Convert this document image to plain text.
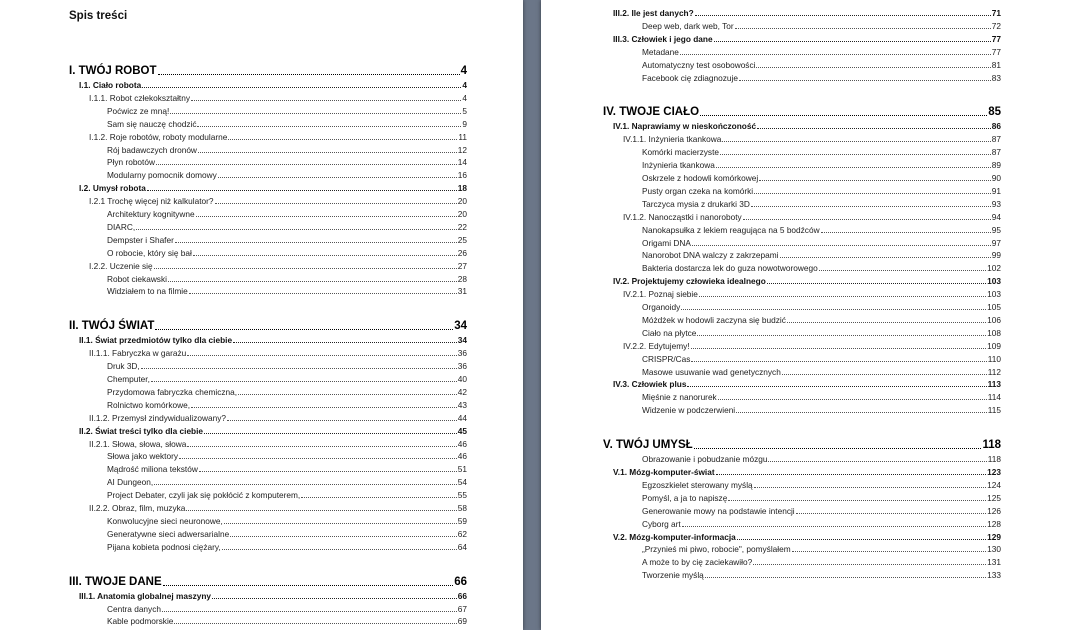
Spis treści
I. TWÓJ ROBOT	4
I.1. Ciało robota	4
I.1.1. Robot człekokształtny	4
Poćwicz ze mną!	5
Sam się nauczę chodzić	9
I.1.2. Roje robotów, roboty modularne	11
Rój badawczych dronów	12
Płyn robotów	14
Modularny pomocnik domowy	16
I.2. Umysł robota	18
I.2.1 Trochę więcej niż kalkulator?	20
Architektury kognitywne	20
DIARC,	22
Dempster i Shafer	25
O robocie, który się bał	26
I.2.2. Uczenie się	27
Robot ciekawski	28
Widziałem to na filmie	31
II. TWÓJ ŚWIAT	34
II.1. Świat przedmiotów tylko dla ciebie	34
II.1.1. Fabryczka w garażu	36
Druk 3D,	36
Chemputer,	40
Przydomowa fabryczka chemiczna,	42
Rolnictwo komórkowe,	43
II.1.2. Przemysł zindywidualizowany?	44
II.2. Świat treści tylko dla ciebie	45
II.2.1. Słowa, słowa, słowa	46
Słowa jako wektory	46
Mądrość miliona tekstów	51
AI Dungeon,	54
Project Debater, czyli jak się pokłócić z komputerem,	55
II.2.2. Obraz, film, muzyka	58
Konwolucyjne sieci neuronowe,	59
Generatywne sieci adwersarialne	62
Pijana kobieta podnosi ciężary,	64
III. TWOJE DANE	66
III.1. Anatomia globalnej maszyny	66
Centra danych	67
Kable podmorskie	69
III.2. Ile jest danych?	71
Deep web, dark web, Tor	72
III.3. Człowiek i jego dane	77
Metadane	77
Automatyczny test osobowości	81
Facebook cię zdiagnozuje	83
IV. TWOJE CIAŁO	85
IV.1. Naprawiamy w nieskończoność	86
IV.1.1. Inżynieria tkankowa	87
Komórki macierzyste	87
Inżynieria tkankowa	89
Oskrzele z hodowli komórkowej	90
Pusty organ czeka na komórki	91
Tarczyca mysia z drukarki 3D	93
IV.1.2. Nanocząstki i nanoroboty	94
Nanokapsułka z lekiem reagująca na 5 bodźców	95
Origami DNA	97
Nanorobot DNA walczy z zakrzepami	99
Bakteria dostarcza lek do guza nowotworowego	102
IV.2. Projektujemy człowieka idealnego	103
IV.2.1. Poznaj siebie	103
Organoidy	105
Móżdżek w hodowli zaczyna się budzić	106
Ciało na płytce	108
IV.2.2. Edytujemy!	109
CRISPR/Cas	110
Masowe usuwanie wad genetycznych	112
IV.3. Człowiek plus	113
Mięśnie z nanorurek	114
Widzenie w podczerwieni	115
V. TWÓJ UMYSŁ	118
Obrazowanie i pobudzanie mózgu	118
V.1. Mózg-komputer-świat	123
Egzoszkielet sterowany myślą	124
Pomyśl, a ja to napiszę	125
Generowanie mowy na podstawie intencji	126
Cyborg art	128
V.2. Mózg-komputer-informacja	129
„Przynieś mi piwo, robocie", pomyślałem	130
A może to by cię zaciekawiło?	131
Tworzenie myślą	133
